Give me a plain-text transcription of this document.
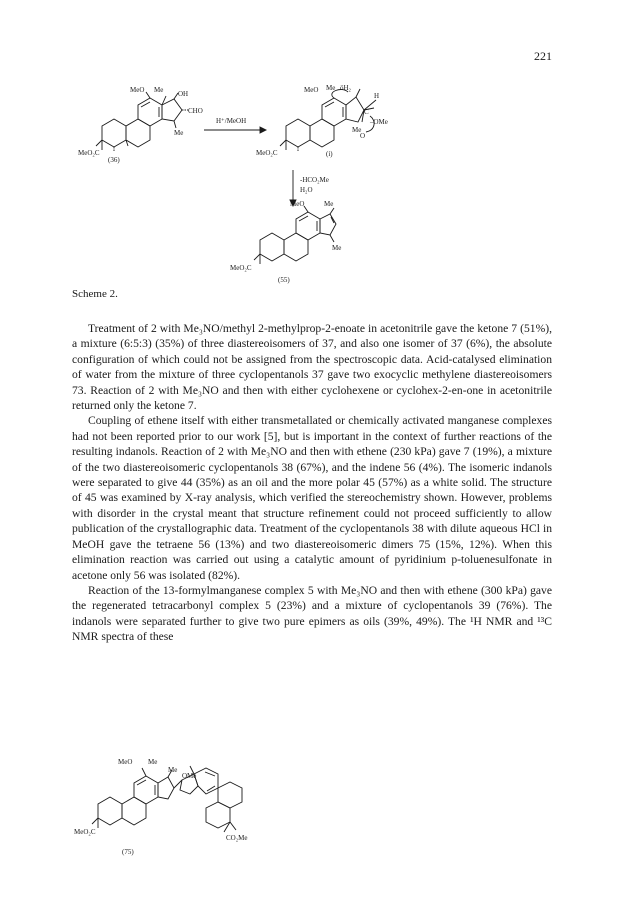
221
MeO Me OH
CHO
Me
MeO₂C
(36)
H⁺/MeOH
MeO Me öH₂
H
C
–OMe
Me
O
MeO₂C	(i)
-HCO₂Me
H₂O
MeO	Me
Me
MeO₂C
(55)
Scheme 2.

Treatment of 2 with Me₃NO/methyl 2-methylprop-2-enoate in acetonitrile gave the ketone 7 (51%), a mixture (6:5:3) (35%) of three diastereoisomers of 37, and also one isomer of 37 (6%), the absolute configuration of which could not be assigned from the spectroscopic data. Acid-catalysed elimination of water from the mixture of three cyclopentanols 37 gave two exocyclic methylene diastereoisomers 73. Reaction of 2 with Me₃NO and then with either cyclohexene or cyclohex-2-en-one in acetonitrile returned only the ketone 7.

Coupling of ethene itself with either transmetallated or chemically activated manganese complexes had not been reported prior to our work [5], but is important in the context of further reactions of the resulting indanols. Reaction of 2 with Me₃NO and then with ethene (230 kPa) gave 7 (19%), a mixture of the two diastereoisomeric cyclopentanols 38 (67%), and the indene 56 (4%). The isomeric indanols were separated to give 44 (35%) as an oil and the more polar 45 (57%) as a white solid. The structure of 45 was examined by X-ray analysis, which verified the stereochemistry shown. However, problems with disorder in the crystal meant that structure refinement could not proceed sufficiently to allow publication of the crystallographic data. Treatment of the cyclopentanols 38 with dilute aqueous HCl in MeOH gave the tetraene 56 (13%) and two diastereoisomeric dimers 75 (15%, 12%). When this elimination reaction was carried out using a catalytic amount of pyridinium p-toluenesulfonate in acetone only 56 was isolated (82%).

Reaction of the 13-formylmanganese complex 5 with Me₃NO and then with ethene (300 kPa) gave the regenerated tetracarbonyl complex 5 (23%) and a mixture of cyclopentanols 39 (76%). The indanols were separated further to give two pure epimers as oils (39%, 49%). The ¹H NMR and ¹³C NMR spectra of these

MeO Me
Me
OMe
MeO₂C
CO₂Me
(75)
